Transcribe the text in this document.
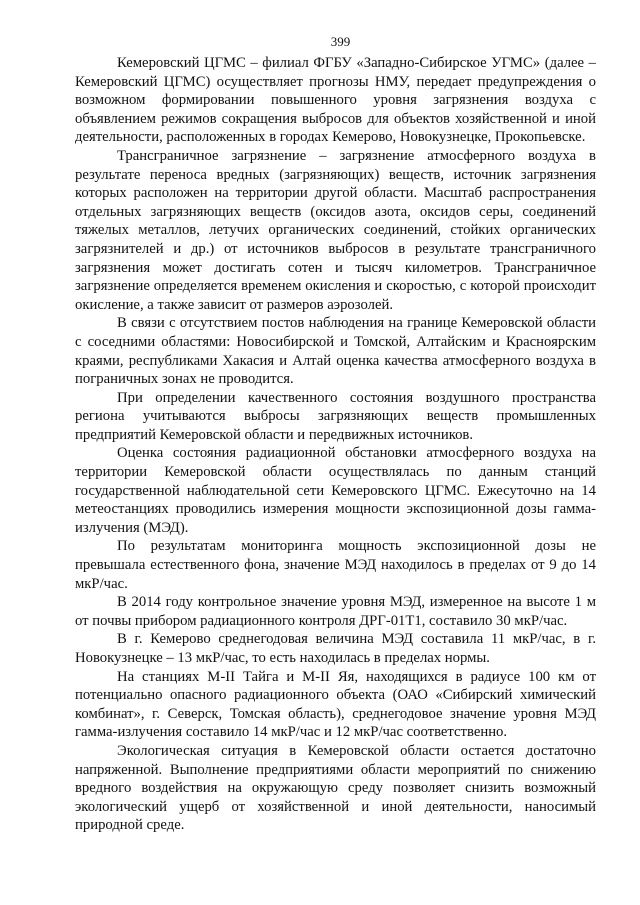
399

Кемеровский ЦГМС – филиал ФГБУ «Западно-Сибирское УГМС» (далее – Кемеровский ЦГМС) осуществляет прогнозы НМУ, передает предупреждения о возможном формировании повышенного уровня загрязнения воздуха с объявлением режимов сокращения выбросов для объектов хозяйственной и иной деятельности, расположенных в городах Кемерово, Новокузнецке, Прокопьевске.

Трансграничное загрязнение – загрязнение атмосферного воздуха в результате переноса вредных (загрязняющих) веществ, источник загрязнения которых расположен на территории другой области. Масштаб распространения отдельных загрязняющих веществ (оксидов азота, оксидов серы, соединений тяжелых металлов, летучих органических соединений, стойких органических загрязнителей и др.) от источников выбросов в результате трансграничного загрязнения может достигать сотен и тысяч километров. Трансграничное загрязнение определяется временем окисления и скоростью, с которой происходит окисление, а также зависит от размеров аэрозолей.

В связи с отсутствием постов наблюдения на границе Кемеровской области с соседними областями: Новосибирской и Томской, Алтайским и Красноярским краями, республиками Хакасия и Алтай оценка качества атмосферного воздуха в пограничных зонах не проводится.

При определении качественного состояния воздушного пространства региона учитываются выбросы загрязняющих веществ промышленных предприятий Кемеровской области и передвижных источников.

Оценка состояния радиационной обстановки атмосферного воздуха на территории Кемеровской области осуществлялась по данным станций государственной наблюдательной сети Кемеровского ЦГМС. Ежесуточно на 14 метеостанциях проводились измерения мощности экспозиционной дозы гамма-излучения (МЭД).

По результатам мониторинга мощность экспозиционной дозы не превышала естественного фона, значение МЭД находилось в пределах от 9 до 14 мкР/час.

В 2014 году контрольное значение уровня МЭД, измеренное на высоте 1 м от почвы прибором радиационного контроля ДРГ-01Т1, составило 30 мкР/час.

В г. Кемерово среднегодовая величина МЭД составила 11 мкР/час, в г. Новокузнецке – 13 мкР/час, то есть находилась в пределах нормы.

На станциях М-II Тайга и М-II Яя, находящихся в радиусе 100 км от потенциально опасного радиационного объекта (ОАО «Сибирский химический комбинат», г. Северск, Томская область), среднегодовое значение уровня МЭД гамма-излучения составило 14 мкР/час и 12 мкР/час соответственно.

Экологическая ситуация в Кемеровской области остается достаточно напряженной. Выполнение предприятиями области мероприятий по снижению вредного воздействия на окружающую среду позволяет снизить возможный экологический ущерб от хозяйственной и иной деятельности, наносимый природной среде.
